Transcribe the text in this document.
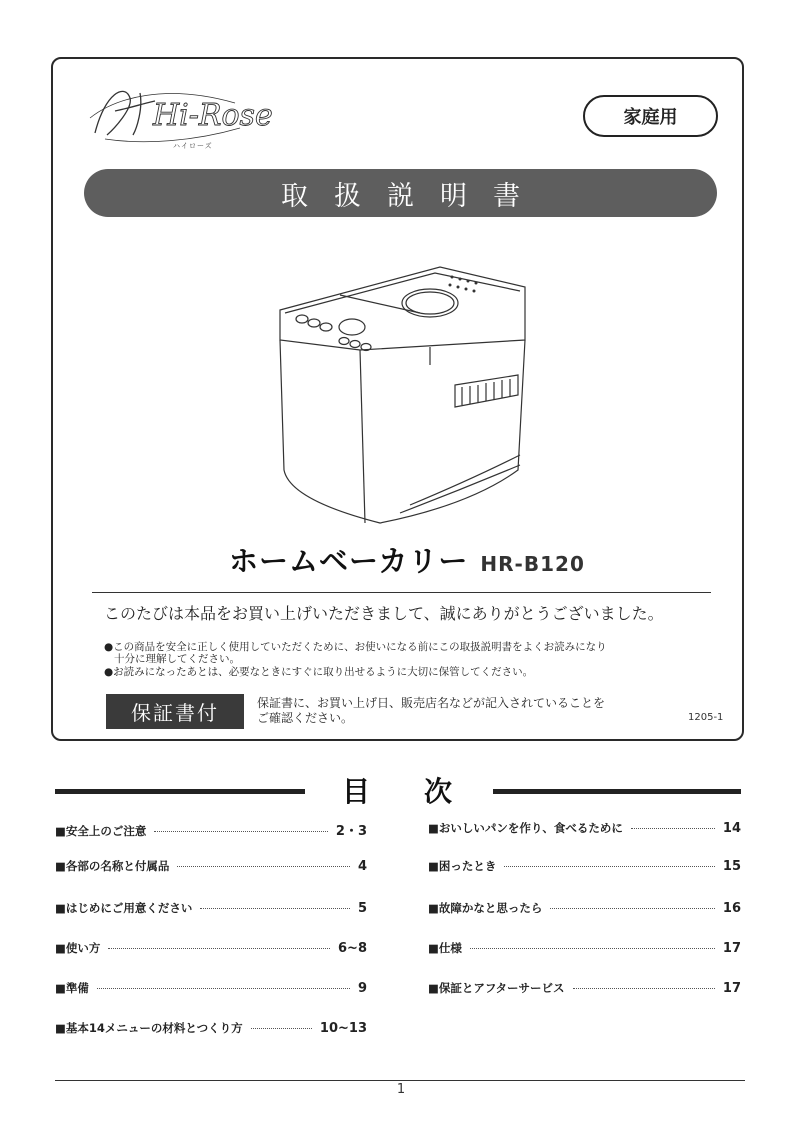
Hi-Rose
ハイローズ
家庭用
取扱説明書
ホームベーカリー HR-B120
このたびは本品をお買い上げいただきまして、誠にありがとうございました。
●この商品を安全に正しく使用していただくために、お使いになる前にこの取扱説明書をよくお読みになり
十分に理解してください。
●お読みになったあとは、必要なときにすぐに取り出せるように大切に保管してください。
保証書付	保証書に、お買い上げ日、販売店名などが記入されていることを
ご確認ください。	1205-1
目 次
■安全上のご注意	2・3
■各部の名称と付属品	4
■はじめにご用意ください	5
■使い方	6~8
■準備	9
■基本14メニューの材料とつくり方	10~13
■おいしいパンを作り、食べるために	14
■困ったとき	15
■故障かなと思ったら	16
■仕様	17
■保証とアフターサービス	17
1
